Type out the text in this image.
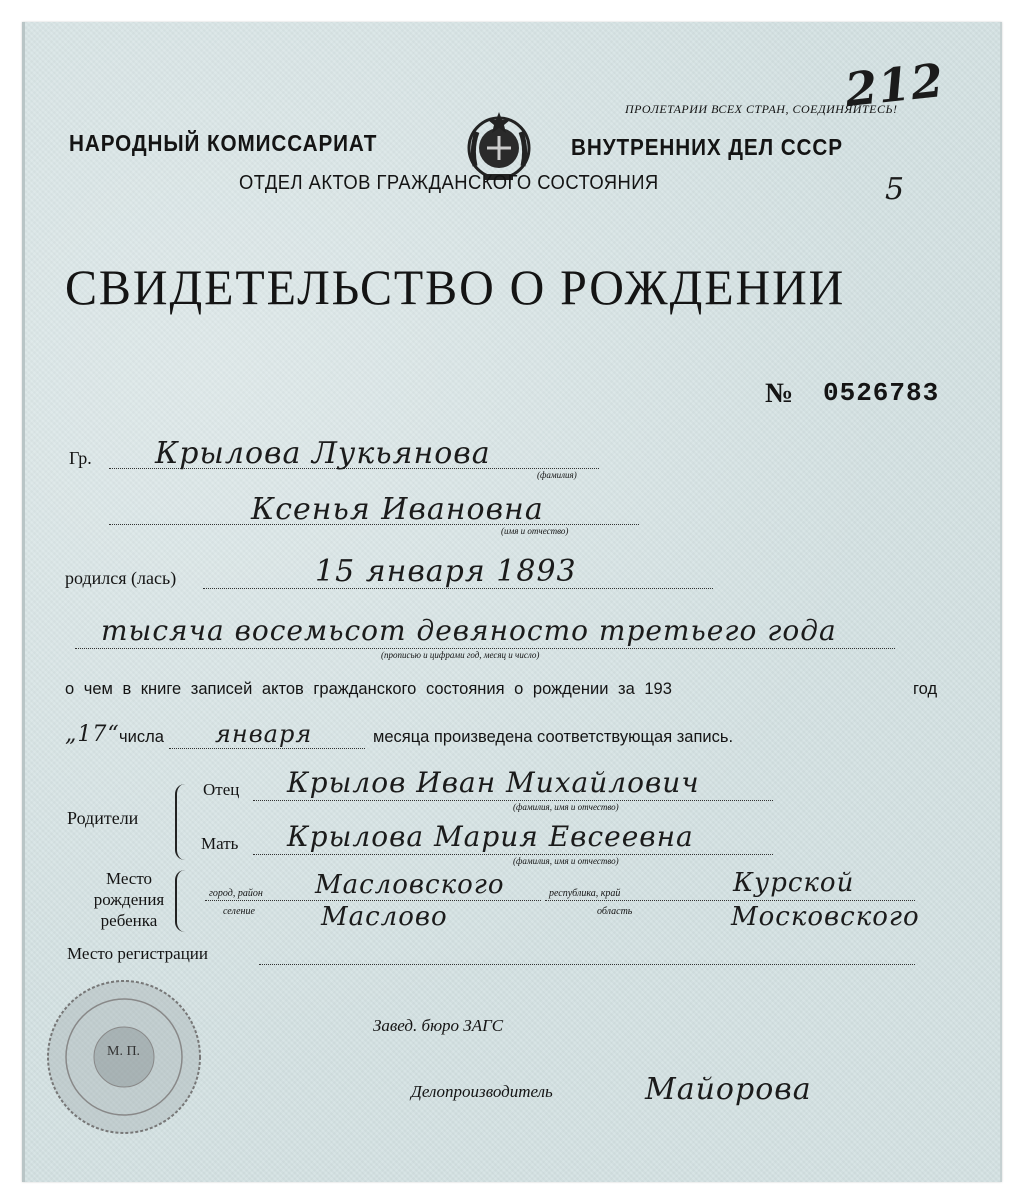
212
ПРОЛЕТАРИИ ВСЕХ СТРАН, СОЕДИНЯЙТЕСЬ!
НАРОДНЫЙ КОМИССАРИАТ	ВНУТРЕННИХ ДЕЛ СССР
ОТДЕЛ АКТОВ ГРАЖДАНСКОГО СОСТОЯНИЯ	5
СВИДЕТЕЛЬСТВО О РОЖДЕНИИ
№ 0526783
Гр. Крылова Лукьянова
(фамилия)
Ксенья Ивановна
(имя и отчество)
родился (лась)	15 января 1893
тысяча восемьсот девяносто третьего года
(прописью и цифрами год, месяц и число)
о чем в книге записей актов гражданского состояния о рождении за 193	год
„17“ числа января	месяца произведена соответствующая запись.
Родители
Отец Крылов Иван Михайлович
(фамилия, имя и отчество)
Мать Крылова Мария Евсеевна
(фамилия, имя и отчество)
Место
рождения
ребенка
город, район Масловского	республика, край	Курской
селение	Маслово	область	Московского
Место регистрации
М. П.
Завед. бюро ЗАГС
Делопроизводитель	Майорова
